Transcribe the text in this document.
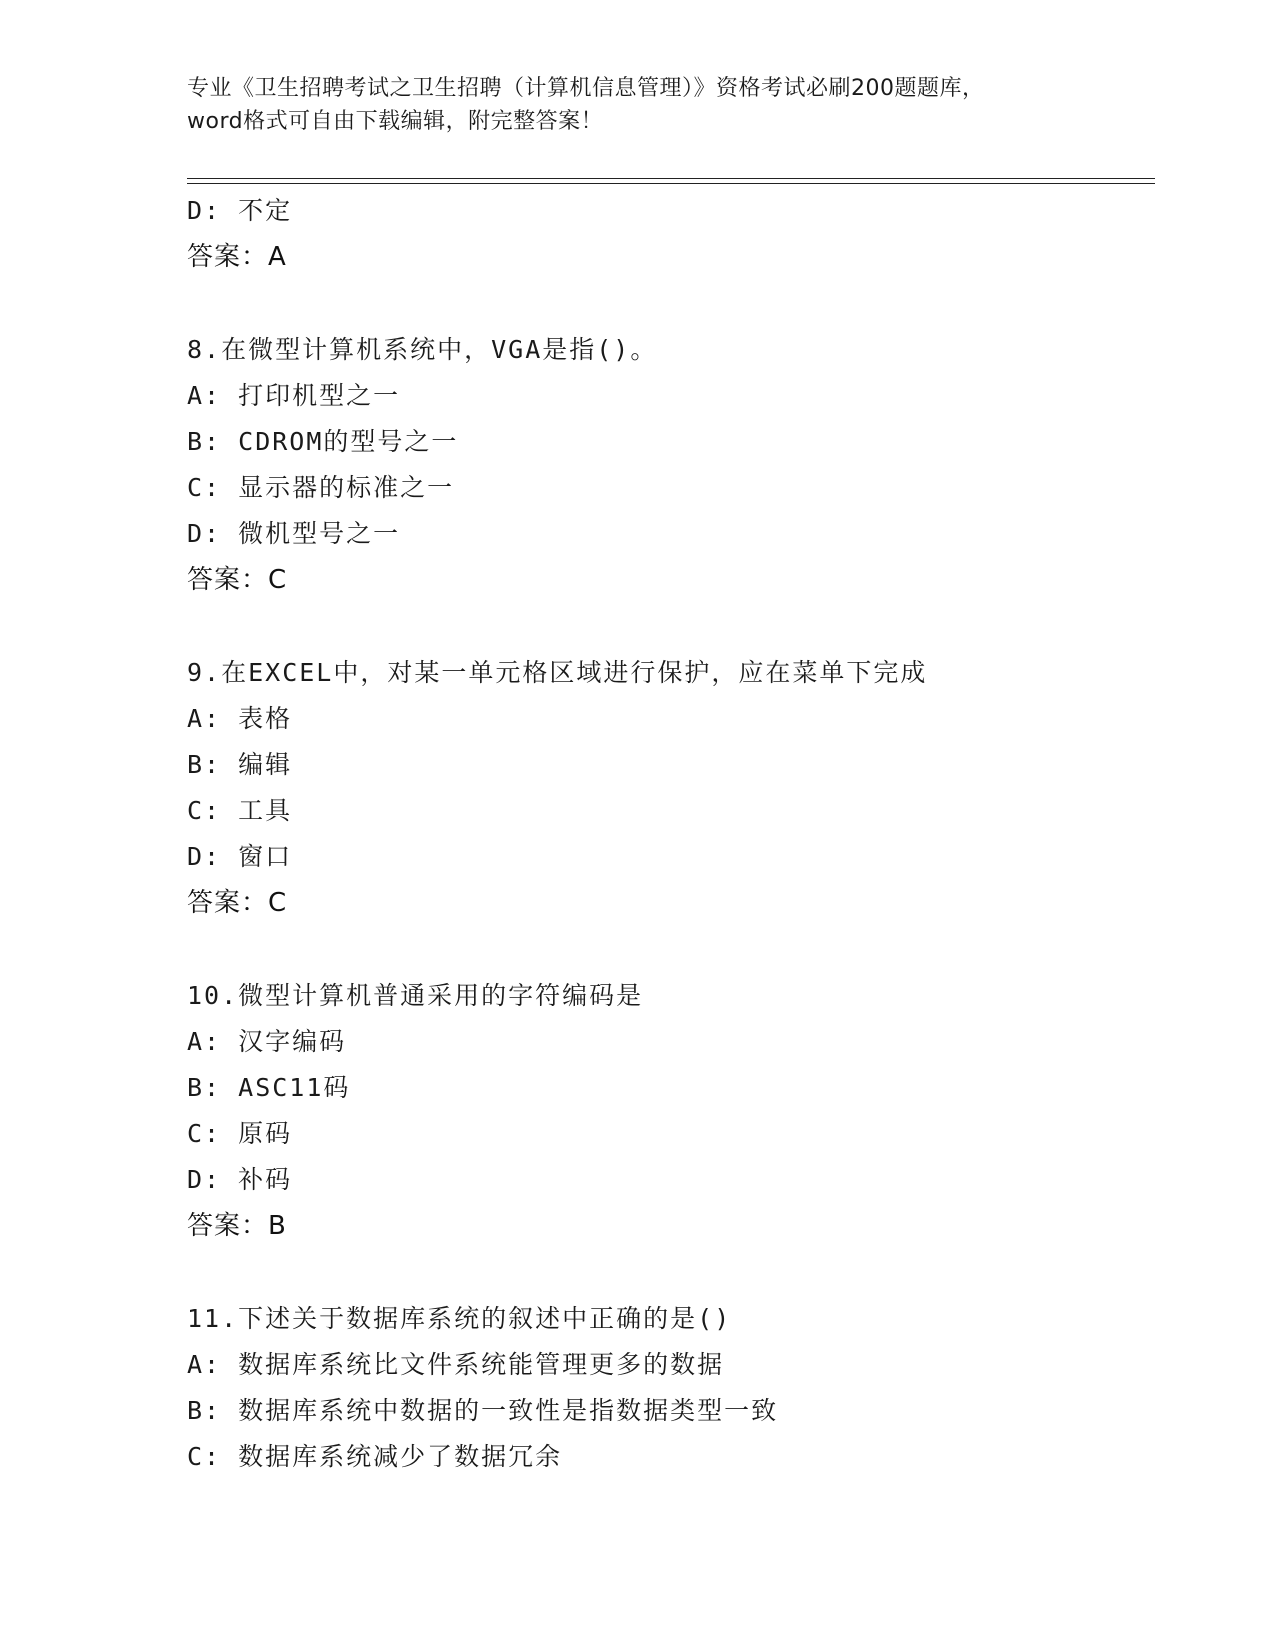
专业《卫生招聘考试之卫生招聘（计算机信息管理）》资格考试必刷200题题库，
word格式可自由下载编辑，附完整答案！
D: 不定
答案：A
8.在微型计算机系统中，VGA是指()。
A: 打印机型之一
B: CDROM的型号之一
C: 显示器的标准之一
D: 微机型号之一
答案：C
9.在EXCEL中，对某一单元格区域进行保护，应在菜单下完成
A: 表格
B: 编辑
C: 工具
D: 窗口
答案：C
10.微型计算机普通采用的字符编码是
A: 汉字编码
B: ASC11码
C: 原码
D: 补码
答案：B
11.下述关于数据库系统的叙述中正确的是()
A: 数据库系统比文件系统能管理更多的数据
B: 数据库系统中数据的一致性是指数据类型一致
C: 数据库系统减少了数据冗余
